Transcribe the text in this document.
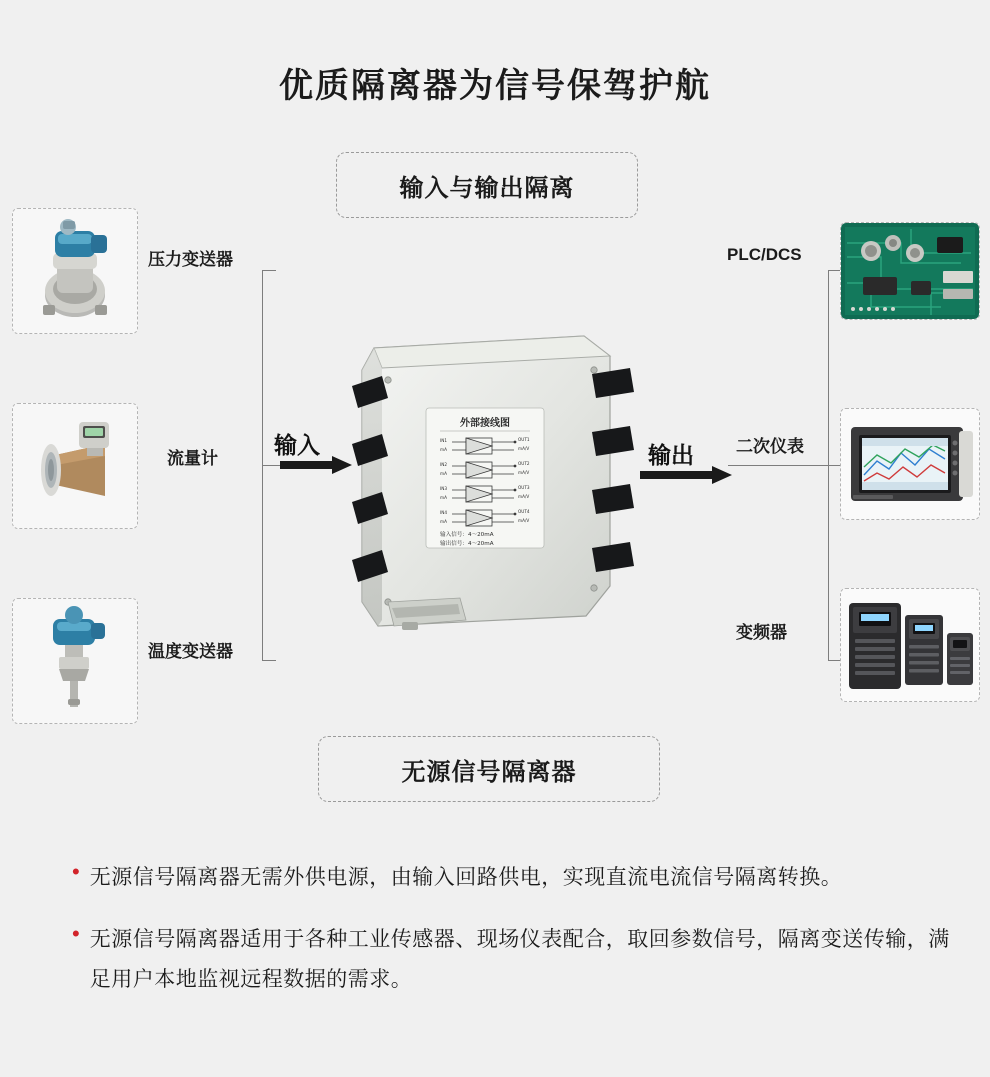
优质隔离器为信号保驾护航
输入与输出隔离
无源信号隔离器
输入	输出
压力变送器
流量计
温度变送器
PLC/DCS
二次仪表
变频器
外部接线图
IN1
mA
IN2
mA
IN3
mA
IN4
mA
OUT1
mA/V
OUT2
mA/V
OUT3
mA/V
OUT4
mA/V
输入信号：4～20mA
输出信号：4～20mA
• 无源信号隔离器无需外供电源，由输入回路供电，实现直流电流信号隔离转换。
• 无源信号隔离器适用于各种工业传感器、现场仪表配合，取回参数信号，隔离变送传输，满足用户本地监视远程数据的需求。
